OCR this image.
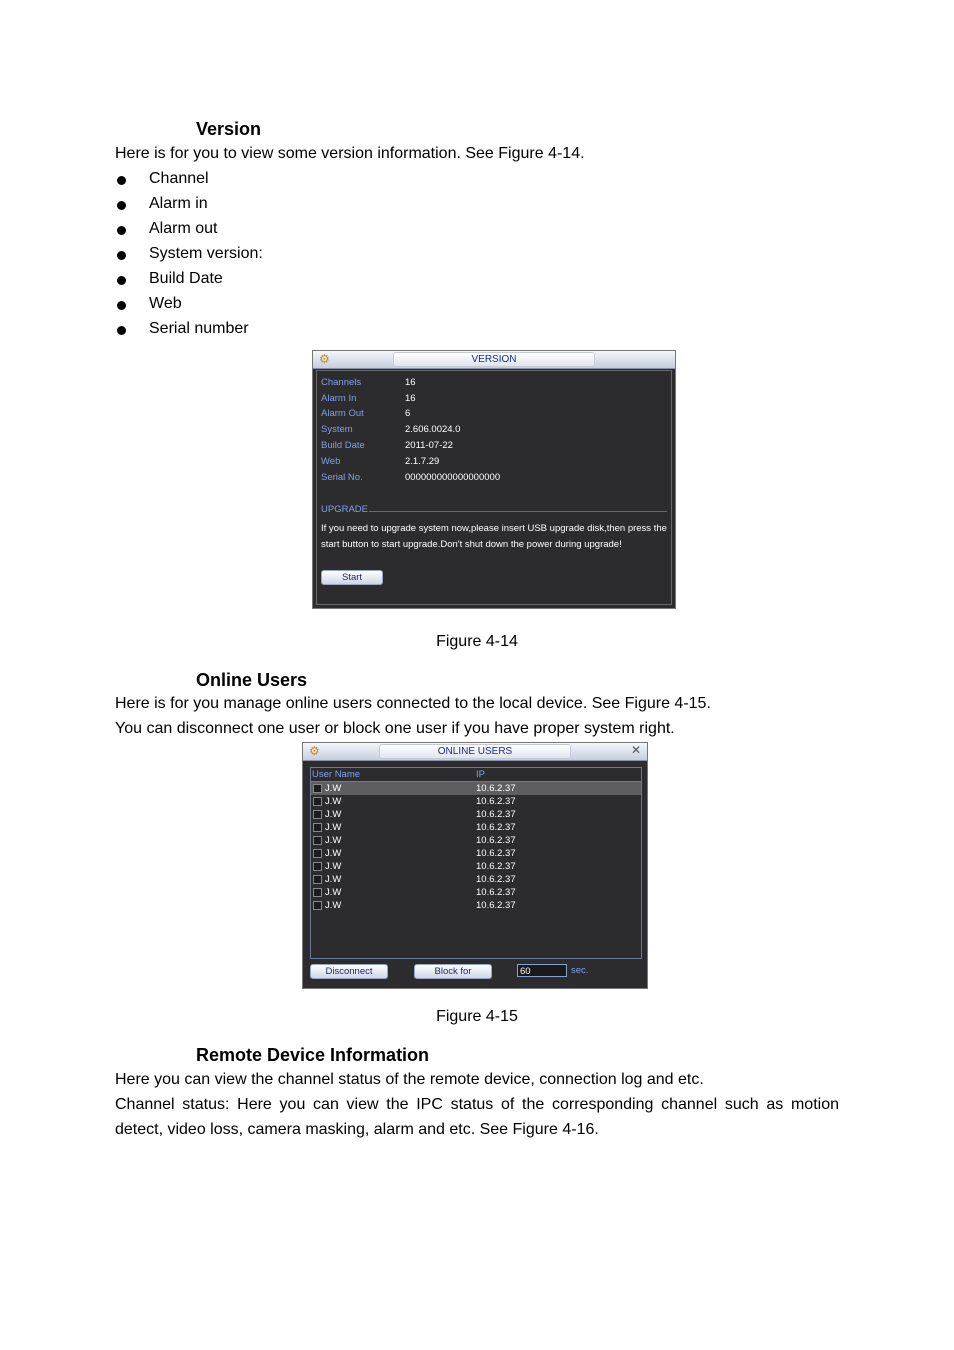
Version
Here is for you to view some version information. See Figure 4-14.
Channel
Alarm in
Alarm out
System version:
Build Date
Web
Serial number
⚙	VERSION
Channels	16
Alarm In	16
Alarm Out	6
System	2.606.0024.0
Build Date	2011-07-22
Web	2.1.7.29
Serial No.	000000000000000000
UPGRADE
If you need to upgrade system now,please insert USB upgrade disk,then press the start button to start upgrade.Don't shut down the power during upgrade!
Start
Figure 4-14
Online Users
Here is for you manage online users connected to the local device. See Figure 4-15.
You can disconnect one user or block one user if you have proper system right.
⚙	ONLINE USERS	✕
User Name	IP
J.W	10.6.2.37
J.W	10.6.2.37
J.W	10.6.2.37
J.W	10.6.2.37
J.W	10.6.2.37
J.W	10.6.2.37
J.W	10.6.2.37
J.W	10.6.2.37
J.W	10.6.2.37
J.W	10.6.2.37
Disconnect	Block for	60	sec.
Figure 4-15
Remote Device Information
Here you can view the channel status of the remote device, connection log and etc.
Channel status: Here you can view the IPC status of the corresponding channel such as motion
detect, video loss, camera masking, alarm and etc. See Figure 4-16.
